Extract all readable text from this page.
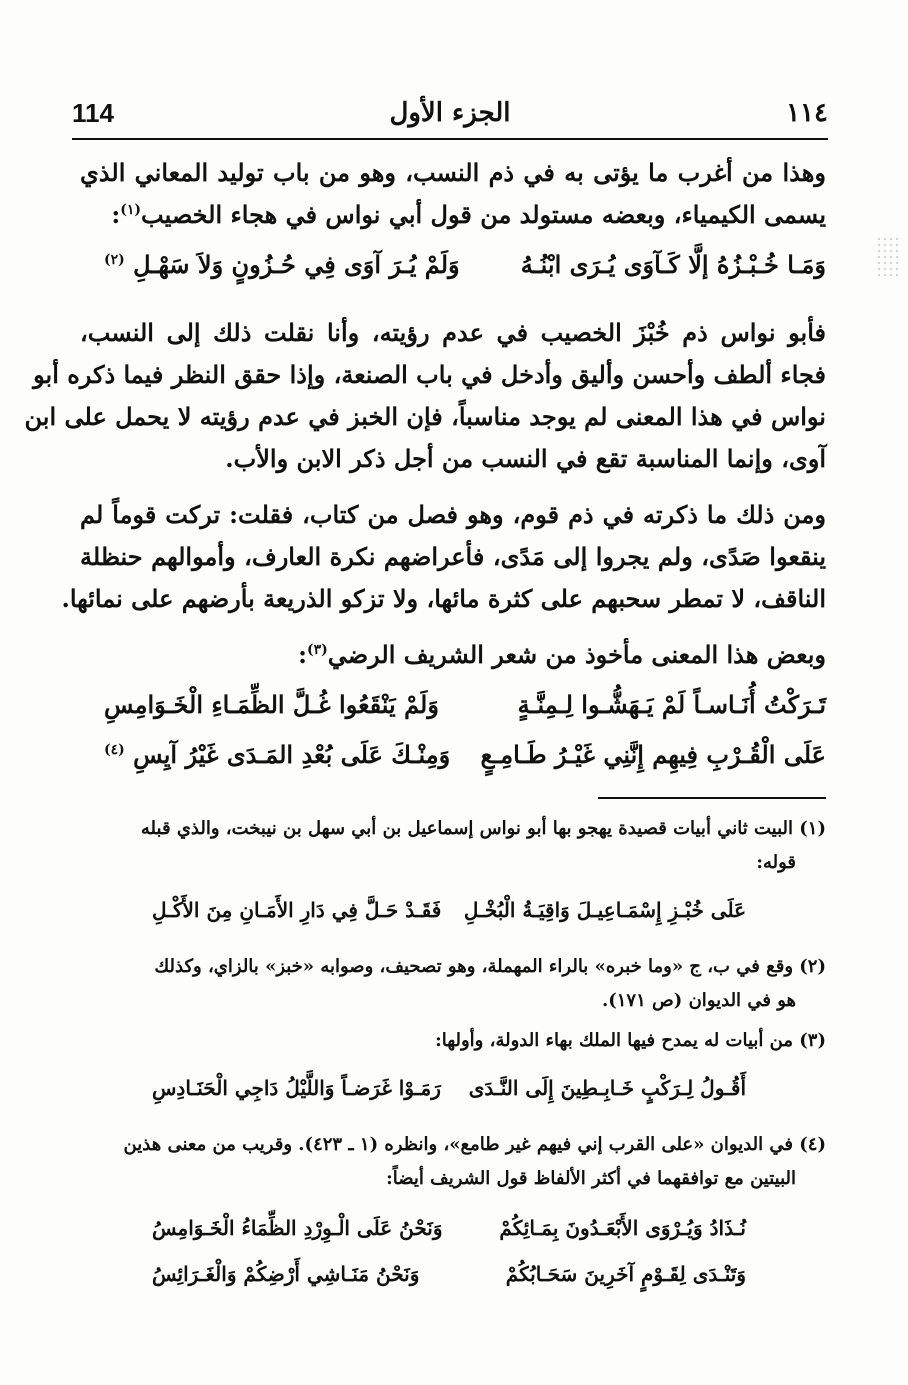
١١٤
الجزء الأول
114
وهذا من أغرب ما يؤتى به في ذم النسب، وهو من باب توليد المعاني الذي
يسمى الكيمياء، وبعضه مستولد من قول أبي نواس في هجاء الخصيب$^{(١)}$:
وَمَـا خُـبْـزُهُ إلَّا كَـآوَى يُـرَى ابْنُـهُ
وَلَمْ يُـرَ آوَى فِي حُـزُونٍ وَلاَ سَهْـلِ $^{(٢)}$
فأبو نواس ذم خُبْزَ الخصيب في عدم رؤيته، وأنا نقلت ذلك إلى النسب،
فجاء ألطف وأحسن وأليق وأدخل في باب الصنعة، وإذا حقق النظر فيما ذكره أبو
نواس في هذا المعنى لم يوجد مناسباً، فإن الخبز في عدم رؤيته لا يحمل على ابن
آوى، وإنما المناسبة تقع في النسب من أجل ذكر الابن والأب.
ومن ذلك ما ذكرته في ذم قوم، وهو فصل من كتاب، فقلت: تركت قوماً لم
ينقعوا صَدًى، ولم يجروا إلى مَدًى، فأعراضهم نكرة العارف، وأموالهم حنظلة
الناقف، لا تمطر سحبهم على كثرة مائها، ولا تزكو الذريعة بأرضهم على نمائها.
وبعض هذا المعنى مأخوذ من شعر الشريف الرضي$^{(٣)}$:
تَـرَكْتُ أُنَـاسـاً لَمْ يَـهَشُّـوا لِـمِنَّـةٍ
وَلَمْ يَنْقَعُوا غُـلَّ الظِّمَـاءِ الْخَـوَامِسِ
عَلَى الْقُـرْبِ فِيهِم إِنَّنِي غَيْـرُ طَـامِـعٍ
وَمِنْـكَ عَلَى بُعْدِ المَـدَى غَيْرُ آيِسِ $^{(٤)}$
(١) البيت ثاني أبيات قصيدة يهجو بها أبو نواس إسماعيل بن أبي سهل بن نيبخت، والذي قبله
قوله:
عَلَى خُبْـزِ إِسْمَـاعِيـلَ وَاقِيَـةُ الْبُخْـلِ
فَقَـدْ حَـلَّ فِي دَارِ الأَمَـانِ مِنَ الأَكْـلِ
(٢) وقع في ب، ج «وما خبره» بالراء المهملة، وهو تصحيف، وصوابه «خبز» بالزاي، وكذلك
هو في الديوان (ص ١٧١).
(٣) من أبيات له يمدح فيها الملك بهاء الدولة، وأولها:
أَقُـولُ لِـرَكْبٍ خَـابِـطِينَ إِلَى النَّـدَى
رَمَـوْا غَرَضـاً وَاللَّيْلُ دَاجِي الْحَنَـادِسِ
(٤) في الديوان «على القرب إني فيهم غير طامع»، وانظره (١ ـ ٤٢٣). وقريب من معنى هذين
البيتين مع توافقهما في أكثر الألفاظ قول الشريف أيضاً:
نُـذَادُ وَيُـرْوَى الأَبْعَـدُونَ بِمَـائِكُمْ
وَنَحْنُ عَلَى الْـوِرْدِ الظِّمَاءُ الْخَـوَامِسُ
وَتَنْـدَى لِقَـوْمٍ آخَرِينَ سَحَـابُكُمْ
وَنَحْنُ مَنَـاشِي أَرْضِكُمْ وَالْغَـرَائِسُ
